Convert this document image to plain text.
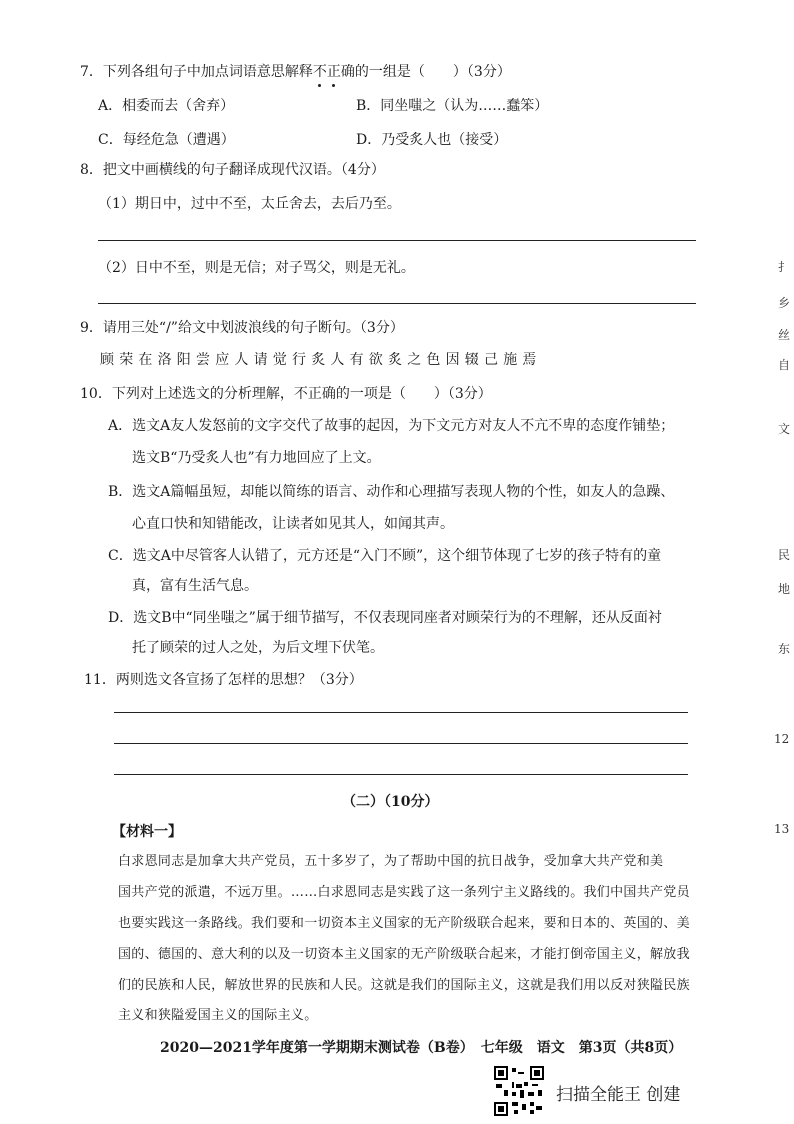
7．下列各组句子中加点词语意思解释不正确的一组是（　　）（3分）
A．相委而去（舍弃）	B．同坐嗤之（认为……蠢笨）
C．每经危急（遭遇）	D．乃受炙人也（接受）
8．把文中画横线的句子翻译成现代汉语。（4分）
（1）期日中，过中不至，太丘舍去，去后乃至。
（2）日中不至，则是无信；对子骂父，则是无礼。
9．请用三处“/”给文中划波浪线的句子断句。（3分）
顾荣在洛阳尝应人请觉行炙人有欲炙之色因辍己施焉
10．下列对上述选文的分析理解，不正确的一项是（　　）（3分）
A．选文A友人发怒前的文字交代了故事的起因，为下文元方对友人不亢不卑的态度作铺垫；
选文B“乃受炙人也”有力地回应了上文。
B．选文A篇幅虽短，却能以简练的语言、动作和心理描写表现人物的个性，如友人的急躁、
心直口快和知错能改，让读者如见其人，如闻其声。
C．选文A中尽管客人认错了，元方还是“入门不顾”，这个细节体现了七岁的孩子特有的童
真，富有生活气息。
D．选文B中“同坐嗤之”属于细节描写，不仅表现同座者对顾荣行为的不理解，还从反面衬
托了顾荣的过人之处，为后文埋下伏笔。
11．两则选文各宣扬了怎样的思想？（3分）
（二）（10分）
【材料一】
白求恩同志是加拿大共产党员，五十多岁了，为了帮助中国的抗日战争，受加拿大共产党和美
国共产党的派遣，不远万里。……白求恩同志是实践了这一条列宁主义路线的。我们中国共产党员
也要实践这一条路线。我们要和一切资本主义国家的无产阶级联合起来，要和日本的、英国的、美
国的、德国的、意大利的以及一切资本主义国家的无产阶级联合起来，才能打倒帝国主义，解放我
们的民族和人民，解放世界的民族和人民。这就是我们的国际主义，这就是我们用以反对狭隘民族
主义和狭隘爱国主义的国际主义。
2020—2021学年度第一学期期末测试卷（B卷）　七年级　语文　第3页（共8页）
扌
乡
丝
自
文
民
地
东
12
13
扫描全能王 创建
